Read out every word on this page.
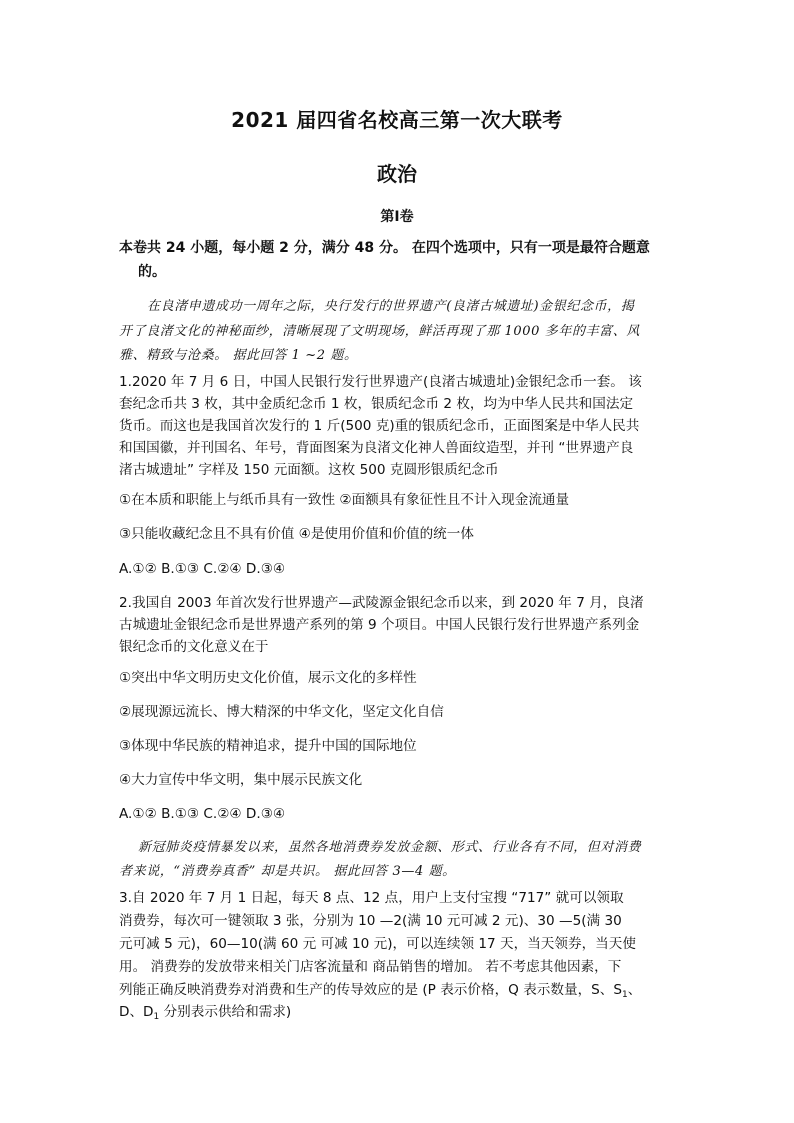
2021 届四省名校高三第一次大联考
政治
第Ⅰ卷
本卷共 24 小题，每小题 2 分，满分 48 分。 在四个选项中，只有一项是最符合题意
的。
在良渚申遗成功一周年之际，央行发行的世界遗产(良渚古城遗址)金银纪念币，揭
开了良渚文化的神秘面纱，清晰展现了文明现场，鲜活再现了那 1000 多年的丰富、风
雅、精致与沧桑。 据此回答 1 ~2 题。
1.2020 年 7 月 6 日，中国人民银行发行世界遗产(良渚古城遗址)金银纪念币一套。 该
套纪念币共 3 枚，其中金质纪念币 1 枚，银质纪念币 2 枚，均为中华人民共和国法定
货币。而这也是我国首次发行的 1 斤(500 克)重的银质纪念币，正面图案是中华人民共
和国国徽，并刊国名、年号，背面图案为良渚文化神人兽面纹造型，并刊 “世界遗产良
渚古城遗址” 字样及 150 元面额。这枚 500 克圆形银质纪念币
①在本质和职能上与纸币具有一致性 ②面额具有象征性且不计入现金流通量
③只能收藏纪念且不具有价值 ④是使用价值和价值的统一体
A.①② B.①③ C.②④ D.③④
2.我国自 2003 年首次发行世界遗产—武陵源金银纪念币以来，到 2020 年 7 月，良渚
古城遗址金银纪念币是世界遗产系列的第 9 个项目。中国人民银行发行世界遗产系列金
银纪念币的文化意义在于
①突出中华文明历史文化价值，展示文化的多样性
②展现源远流长、博大精深的中华文化，坚定文化自信
③体现中华民族的精神追求，提升中国的国际地位
④大力宣传中华文明，集中展示民族文化
A.①② B.①③ C.②④ D.③④
新冠肺炎疫情暴发以来，虽然各地消费券发放金额、形式、行业各有不同，但对消费
者来说，“消费券真香” 却是共识。 据此回答 3—4 题。
3.自 2020 年 7 月 1 日起，每天 8 点、12 点，用户上支付宝搜 “717” 就可以领取
消费券，每次可一键领取 3 张，分别为 10 —2(满 10 元可减 2 元)、30 —5(满 30
元可减 5 元)，60—10(满 60 元 可减 10 元)，可以连续领 17 天，当天领券，当天使
用。 消费券的发放带来相关门店客流量和 商品销售的增加。 若不考虑其他因素，下
列能正确反映消费券对消费和生产的传导效应的是 (P 表示价格，Q 表示数量，S、$S_1$、
D、$D_1$ 分别表示供给和需求)
